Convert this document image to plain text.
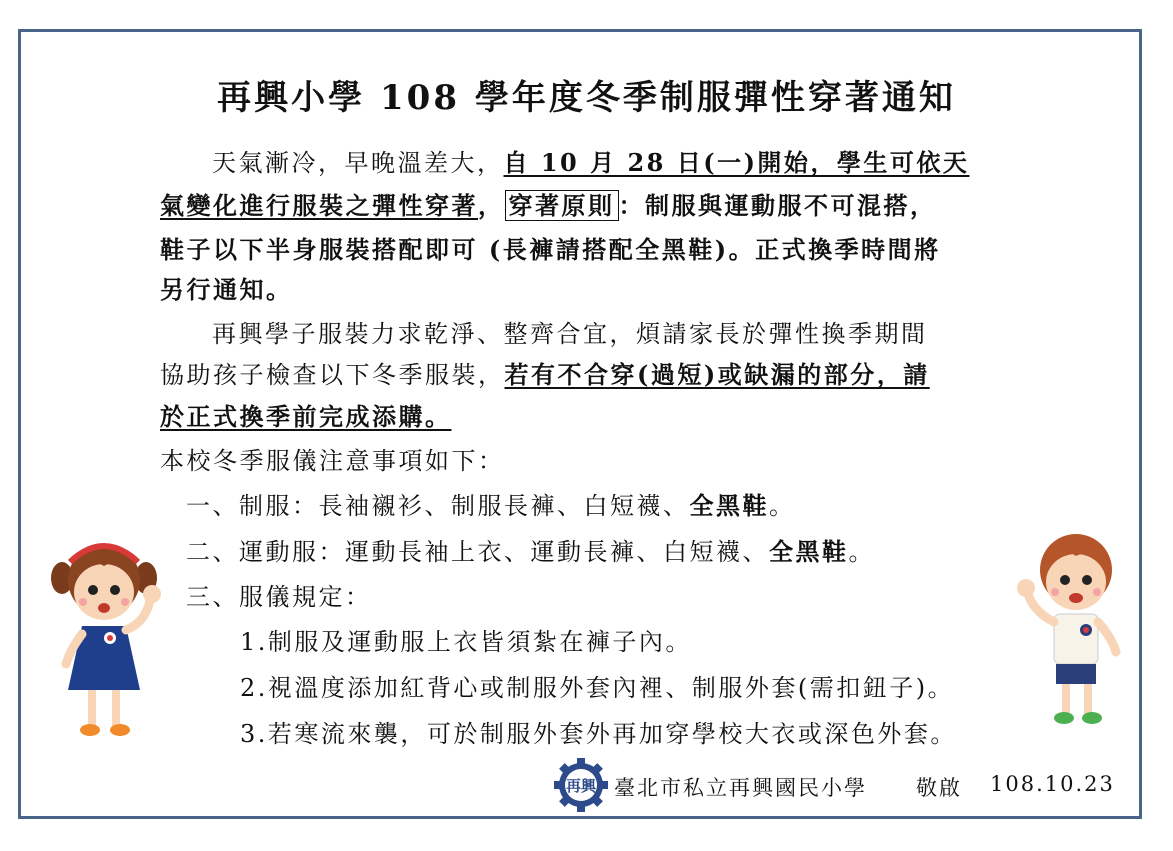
再興小學 108 學年度冬季制服彈性穿著通知
天氣漸冷，早晚溫差大，自 10 月 28 日(一)開始，學生可依天
氣變化進行服裝之彈性穿著， 穿著原則 ：制服與運動服不可混搭，
鞋子以下半身服裝搭配即可 (長褲請搭配全黑鞋)。正式換季時間將
另行通知。
再興學子服裝力求乾淨、整齊合宜，煩請家長於彈性換季期間
協助孩子檢查以下冬季服裝，若有不合穿(過短)或缺漏的部分，請
於正式換季前完成添購。
本校冬季服儀注意事項如下：
一、制服：長袖襯衫、制服長褲、白短襪、全黑鞋。
二、運動服：運動長袖上衣、運動長褲、白短襪、全黑鞋。
三、服儀規定：
1.制服及運動服上衣皆須紮在褲子內。
2.視溫度添加紅背心或制服外套內裡、制服外套(需扣鈕子)。
3.若寒流來襲，可於制服外套外再加穿學校大衣或深色外套。
再興 臺北市私立再興國民小學 敬啟 108.10.23
